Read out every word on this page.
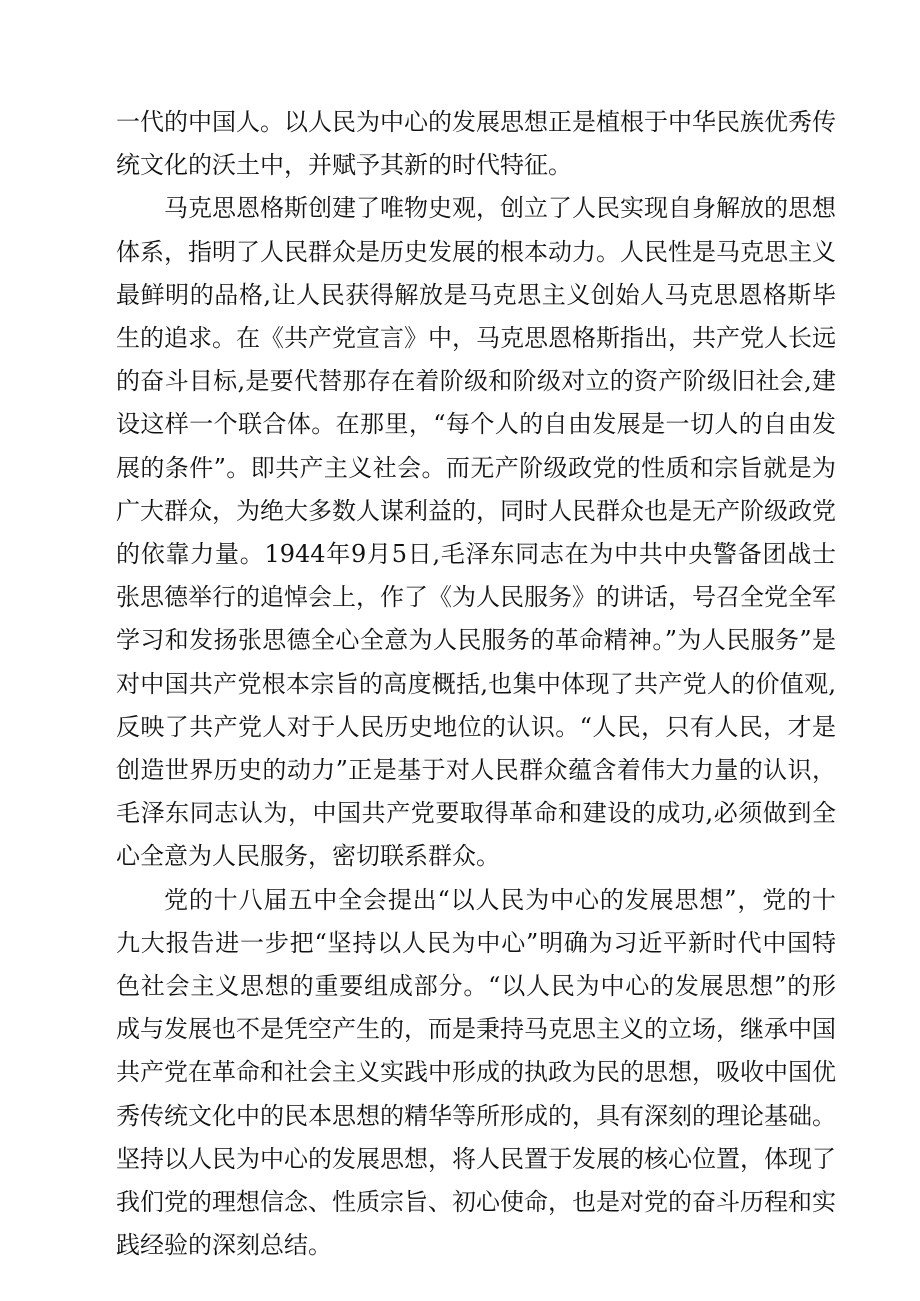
一代的中国人。以人民为中心的发展思想正是植根于中华民族优秀传统文化的沃土中，并赋予其新的时代特征。

马克思恩格斯创建了唯物史观，创立了人民实现自身解放的思想体系，指明了人民群众是历史发展的根本动力。人民性是马克思主义最鲜明的品格,让人民获得解放是马克思主义创始人马克思恩格斯毕生的追求。在《共产党宣言》中，马克思恩格斯指出，共产党人长远的奋斗目标,是要代替那存在着阶级和阶级对立的资产阶级旧社会,建设这样一个联合体。在那里，“每个人的自由发展是一切人的自由发展的条件”。即共产主义社会。而无产阶级政党的性质和宗旨就是为广大群众，为绝大多数人谋利益的，同时人民群众也是无产阶级政党的依靠力量。1944年9月5日,毛泽东同志在为中共中央警备团战士张思德举行的追悼会上，作了《为人民服务》的讲话，号召全党全军学习和发扬张思德全心全意为人民服务的革命精神。”为人民服务”是对中国共产党根本宗旨的高度概括,也集中体现了共产党人的价值观,反映了共产党人对于人民历史地位的认识。“人民，只有人民，才是创造世界历史的动力”正是基于对人民群众蕴含着伟大力量的认识，毛泽东同志认为，中国共产党要取得革命和建设的成功,必须做到全心全意为人民服务，密切联系群众。

党的十八届五中全会提出“以人民为中心的发展思想”，党的十九大报告进一步把“坚持以人民为中心”明确为习近平新时代中国特色社会主义思想的重要组成部分。“以人民为中心的发展思想”的形成与发展也不是凭空产生的，而是秉持马克思主义的立场，继承中国共产党在革命和社会主义实践中形成的执政为民的思想，吸收中国优秀传统文化中的民本思想的精华等所形成的，具有深刻的理论基础。坚持以人民为中心的发展思想，将人民置于发展的核心位置，体现了我们党的理想信念、性质宗旨、初心使命，也是对党的奋斗历程和实践经验的深刻总结。
